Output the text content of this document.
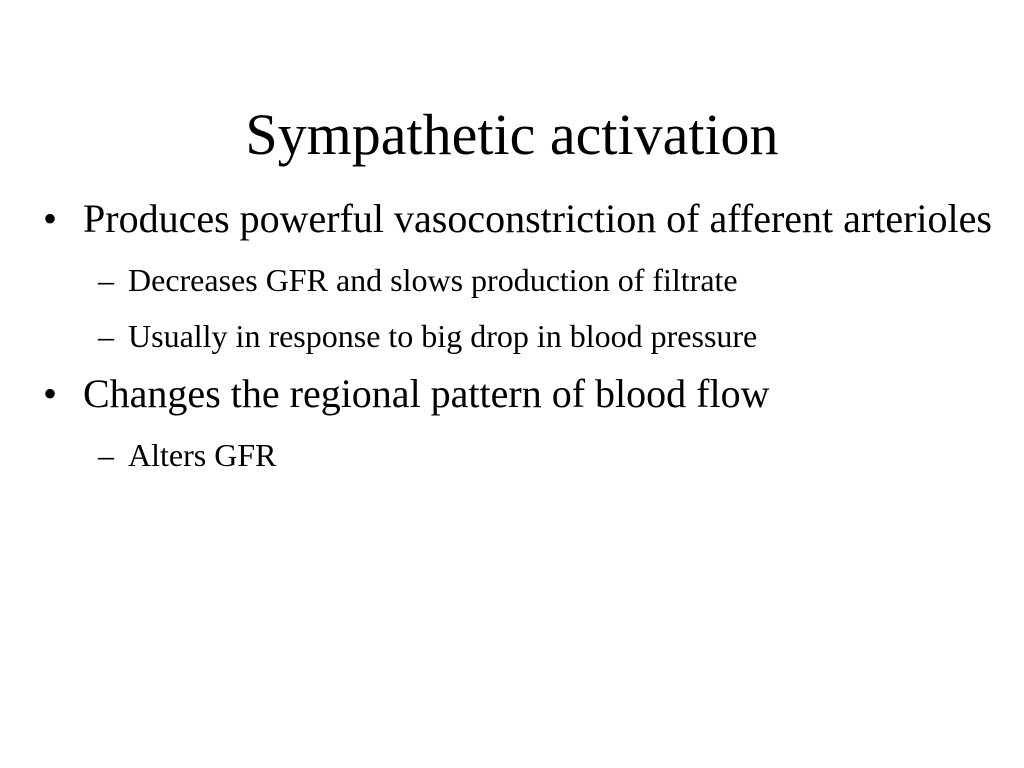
Sympathetic activation
• Produces powerful vasoconstriction of afferent arterioles
– Decreases GFR and slows production of filtrate
– Usually in response to big drop in blood pressure
• Changes the regional pattern of blood flow
– Alters GFR
